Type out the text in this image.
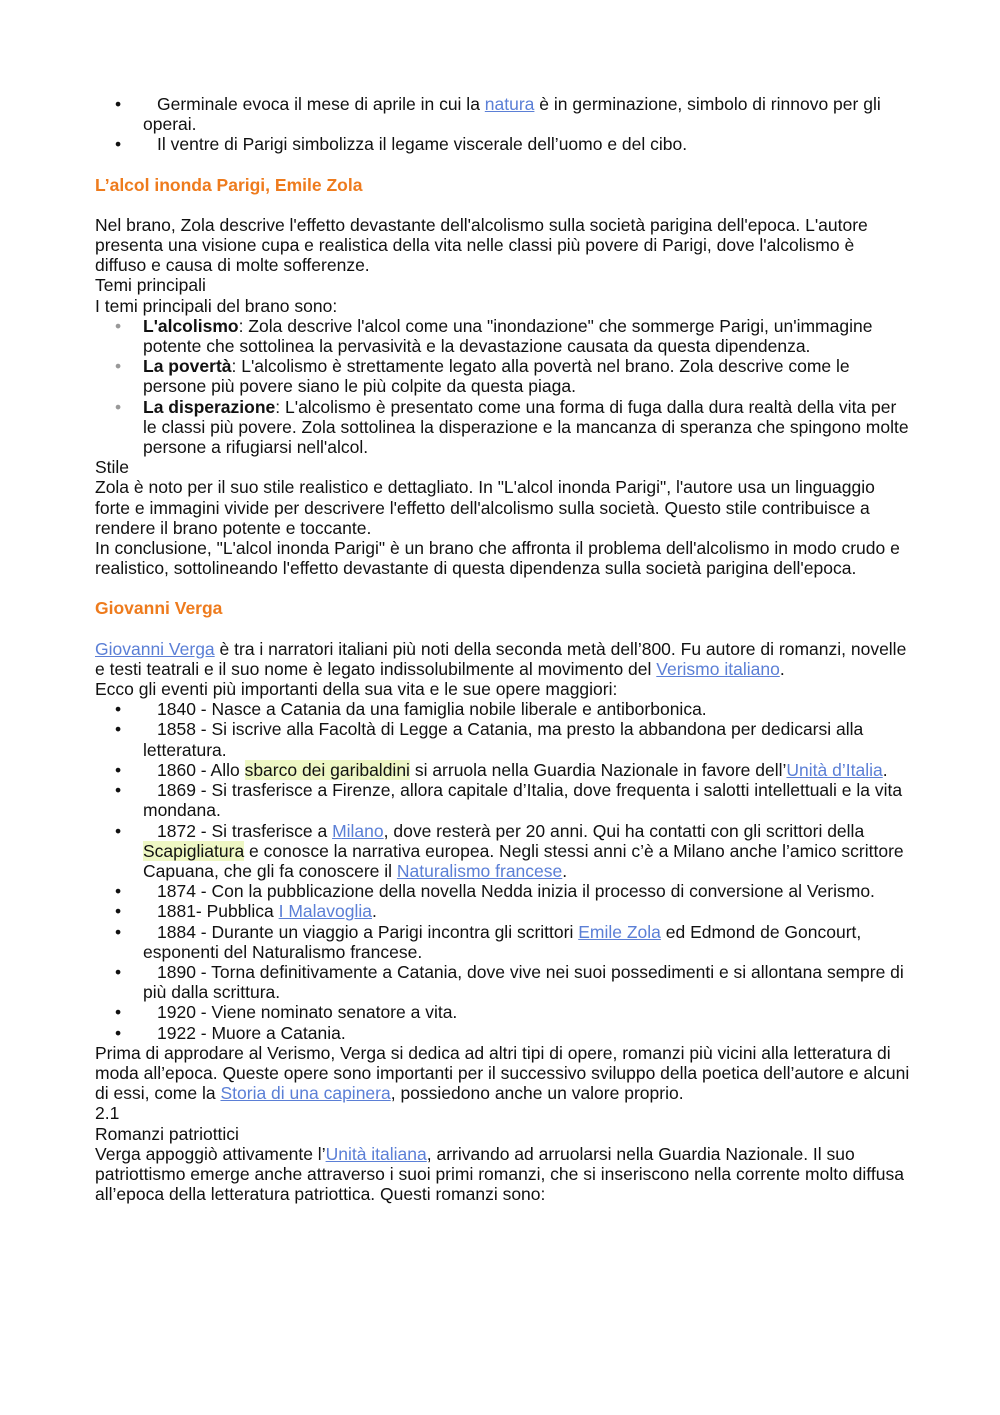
• Germinale evoca il mese di aprile in cui la natura è in germinazione, simbolo di rinnovo per gli operai.
• Il ventre di Parigi simbolizza il legame viscerale dell’uomo e del cibo.
L’alcol inonda Parigi, Emile Zola

Nel brano, Zola descrive l'effetto devastante dell'alcolismo sulla società parigina dell'epoca. L'autore presenta una visione cupa e realistica della vita nelle classi più povere di Parigi, dove l'alcolismo è diffuso e causa di molte sofferenze.

Temi principali

I temi principali del brano sono:

• L'alcolismo: Zola descrive l'alcol come una "inondazione" che sommerge Parigi, un'immagine potente che sottolinea la pervasività e la devastazione causata da questa dipendenza.
• La povertà: L'alcolismo è strettamente legato alla povertà nel brano. Zola descrive come le persone più povere siano le più colpite da questa piaga.
• La disperazione: L'alcolismo è presentato come una forma di fuga dalla dura realtà della vita per le classi più povere. Zola sottolinea la disperazione e la mancanza di speranza che spingono molte persone a rifugiarsi nell'alcol.

Stile

Zola è noto per il suo stile realistico e dettagliato. In "L'alcol inonda Parigi", l'autore usa un linguaggio forte e immagini vivide per descrivere l'effetto dell'alcolismo sulla società. Questo stile contribuisce a rendere il brano potente e toccante.

In conclusione, "L'alcol inonda Parigi" è un brano che affronta il problema dell'alcolismo in modo crudo e realistico, sottolineando l'effetto devastante di questa dipendenza sulla società parigina dell'epoca.

Giovanni Verga

Giovanni Verga è tra i narratori italiani più noti della seconda metà dell’800. Fu autore di romanzi, novelle e testi teatrali e il suo nome è legato indissolubilmente al movimento del Verismo italiano.

Ecco gli eventi più importanti della sua vita e le sue opere maggiori:

• 1840 - Nasce a Catania da una famiglia nobile liberale e antiborbonica.
• 1858 - Si iscrive alla Facoltà di Legge a Catania, ma presto la abbandona per dedicarsi alla letteratura.
• 1860 - Allo sbarco dei garibaldini si arruola nella Guardia Nazionale in favore dell’Unità d’Italia.
• 1869 - Si trasferisce a Firenze, allora capitale d’Italia, dove frequenta i salotti intellettuali e la vita mondana.
• 1872 - Si trasferisce a Milano, dove resterà per 20 anni. Qui ha contatti con gli scrittori della Scapigliatura e conosce la narrativa europea. Negli stessi anni c’è a Milano anche l’amico scrittore Capuana, che gli fa conoscere il Naturalismo francese.
• 1874 - Con la pubblicazione della novella Nedda inizia il processo di conversione al Verismo.
• 1881- Pubblica I Malavoglia.
• 1884 - Durante un viaggio a Parigi incontra gli scrittori Emile Zola ed Edmond de Goncourt, esponenti del Naturalismo francese.
• 1890 - Torna definitivamente a Catania, dove vive nei suoi possedimenti e si allontana sempre di più dalla scrittura.
• 1920 - Viene nominato senatore a vita.
• 1922 - Muore a Catania.

Prima di approdare al Verismo, Verga si dedica ad altri tipi di opere, romanzi più vicini alla letteratura di moda all’epoca. Queste opere sono importanti per il successivo sviluppo della poetica dell’autore e alcuni di essi, come la Storia di una capinera, possiedono anche un valore proprio.

2.1

Romanzi patriottici

Verga appoggiò attivamente l’Unità italiana, arrivando ad arruolarsi nella Guardia Nazionale. Il suo patriottismo emerge anche attraverso i suoi primi romanzi, che si inseriscono nella corrente molto diffusa all’epoca della letteratura patriottica. Questi romanzi sono:
